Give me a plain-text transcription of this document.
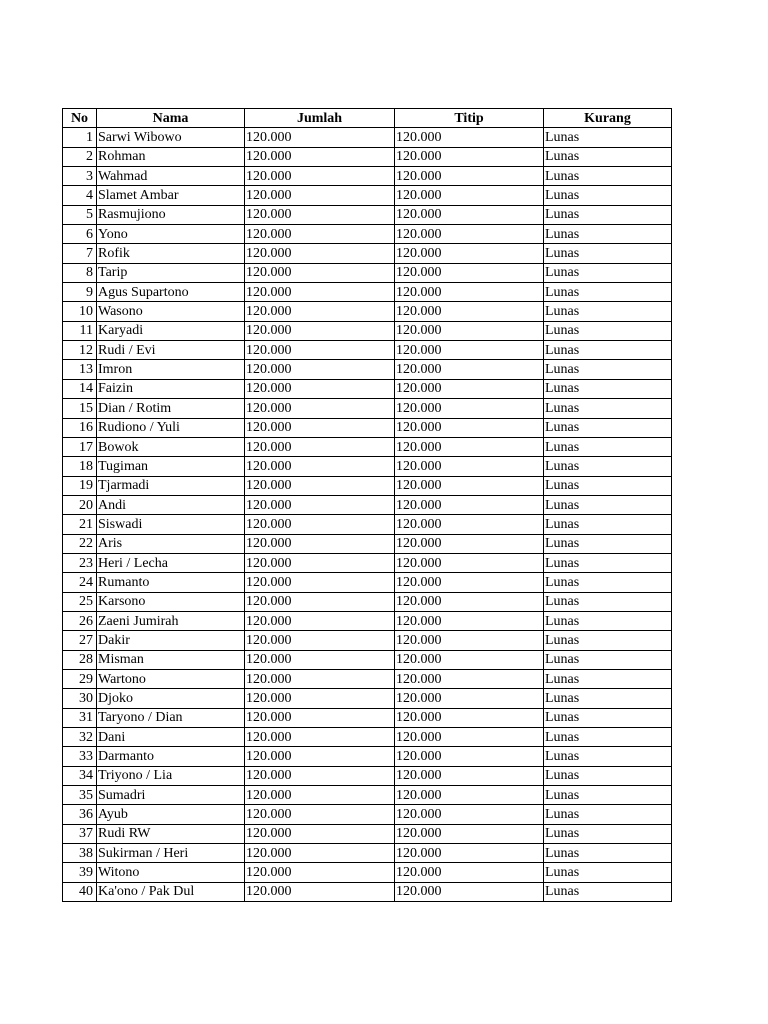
No	Nama	Jumlah	Titip	Kurang
1	Sarwi Wibowo	120.000	120.000	Lunas
2	Rohman	120.000	120.000	Lunas
3	Wahmad	120.000	120.000	Lunas
4	Slamet Ambar	120.000	120.000	Lunas
5	Rasmujiono	120.000	120.000	Lunas
6	Yono	120.000	120.000	Lunas
7	Rofik	120.000	120.000	Lunas
8	Tarip	120.000	120.000	Lunas
9	Agus Supartono	120.000	120.000	Lunas
10	Wasono	120.000	120.000	Lunas
11	Karyadi	120.000	120.000	Lunas
12	Rudi / Evi	120.000	120.000	Lunas
13	Imron	120.000	120.000	Lunas
14	Faizin	120.000	120.000	Lunas
15	Dian / Rotim	120.000	120.000	Lunas
16	Rudiono / Yuli	120.000	120.000	Lunas
17	Bowok	120.000	120.000	Lunas
18	Tugiman	120.000	120.000	Lunas
19	Tjarmadi	120.000	120.000	Lunas
20	Andi	120.000	120.000	Lunas
21	Siswadi	120.000	120.000	Lunas
22	Aris	120.000	120.000	Lunas
23	Heri / Lecha	120.000	120.000	Lunas
24	Rumanto	120.000	120.000	Lunas
25	Karsono	120.000	120.000	Lunas
26	Zaeni Jumirah	120.000	120.000	Lunas
27	Dakir	120.000	120.000	Lunas
28	Misman	120.000	120.000	Lunas
29	Wartono	120.000	120.000	Lunas
30	Djoko	120.000	120.000	Lunas
31	Taryono / Dian	120.000	120.000	Lunas
32	Dani	120.000	120.000	Lunas
33	Darmanto	120.000	120.000	Lunas
34	Triyono / Lia	120.000	120.000	Lunas
35	Sumadri	120.000	120.000	Lunas
36	Ayub	120.000	120.000	Lunas
37	Rudi RW	120.000	120.000	Lunas
38	Sukirman / Heri	120.000	120.000	Lunas
39	Witono	120.000	120.000	Lunas
40	Ka'ono / Pak Dul	120.000	120.000	Lunas
